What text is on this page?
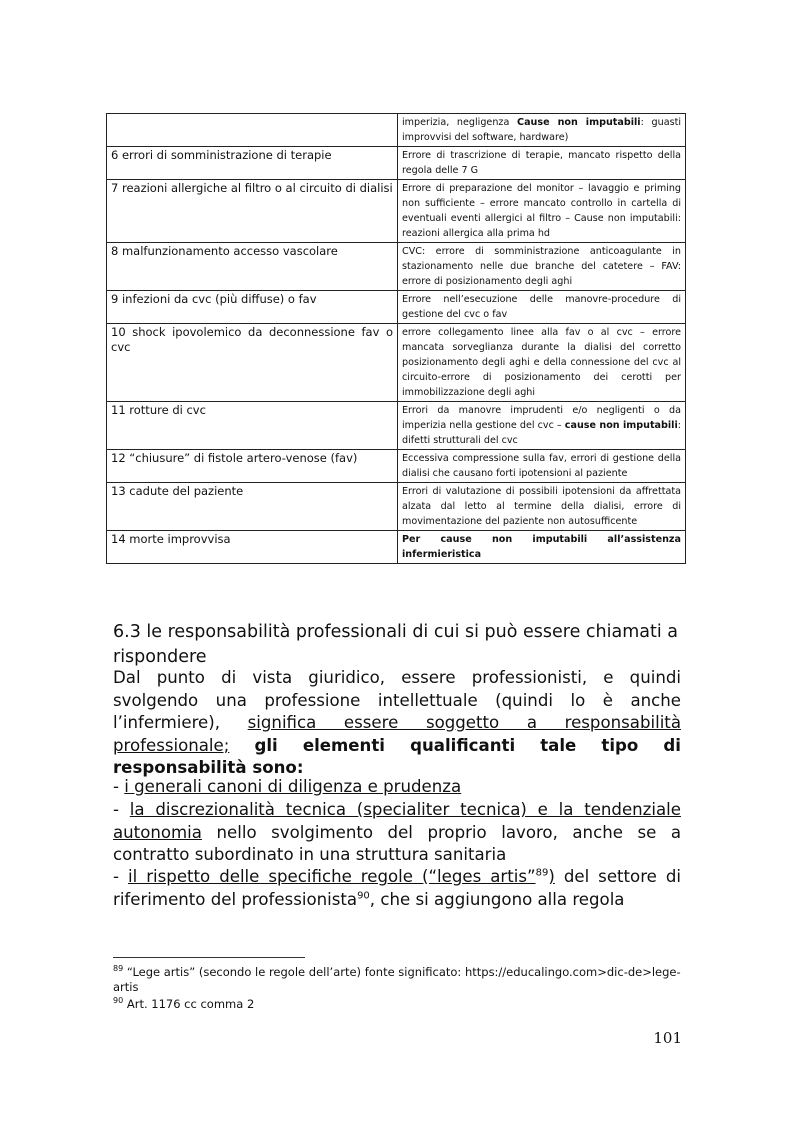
	imperizia, negligenza Cause non imputabili: guasti improvvisi del software, hardware)
6 errori di somministrazione di terapie	Errore di trascrizione di terapie, mancato rispetto della regola delle 7 G
7 reazioni allergiche al filtro o al circuito di dialisi	Errore di preparazione del monitor – lavaggio e priming non sufficiente – errore mancato controllo in cartella di eventuali eventi allergici al filtro – Cause non imputabili: reazioni allergica alla prima hd
8 malfunzionamento accesso vascolare	CVC: errore di somministrazione anticoagulante in stazionamento nelle due branche del catetere – FAV: errore di posizionamento degli aghi
9 infezioni da cvc (più diffuse) o fav	Errore nell’esecuzione delle manovre-procedure di gestione del cvc o fav
10 shock ipovolemico da deconnessione fav o cvc	errore collegamento linee alla fav o al cvc – errore mancata sorveglianza durante la dialisi del corretto posizionamento degli aghi e della connessione del cvc al circuito-errore di posizionamento dei cerotti per immobilizzazione degli aghi
11 rotture di cvc	Errori da manovre imprudenti e/o negligenti o da imperizia nella gestione del cvc – cause non imputabili: difetti strutturali del cvc
12 “chiusure” di fistole artero-venose (fav)	Eccessiva compressione sulla fav, errori di gestione della dialisi che causano forti ipotensioni al paziente
13 cadute del paziente	Errori di valutazione di possibili ipotensioni da affrettata alzata dal letto al termine della dialisi, errore di movimentazione del paziente non autosufficente
14 morte improvvisa	Per cause non imputabili all’assistenza infermieristica
6.3 le responsabilità professionali di cui si può essere chiamati a rispondere

Dal punto di vista giuridico, essere professionisti, e quindi svolgendo una professione intellettuale (quindi lo è anche l’infermiere), significa essere soggetto a responsabilità professionale; gli elementi qualificanti tale tipo di responsabilità sono:

- i generali canoni di diligenza e prudenza

- la discrezionalità tecnica (specialiter tecnica) e la tendenziale autonomia nello svolgimento del proprio lavoro, anche se a contratto subordinato in una struttura sanitaria

- il rispetto delle specifiche regole (“leges artis”$^{89}$) del settore di riferimento del professionista$^{90}$, che si aggiungono alla regola

$^{89}$ “Lege artis” (secondo le regole dell’arte) fonte significato: https://educalingo.com>dic-de>lege-artis

$^{90}$ Art. 1176 cc comma 2

101
